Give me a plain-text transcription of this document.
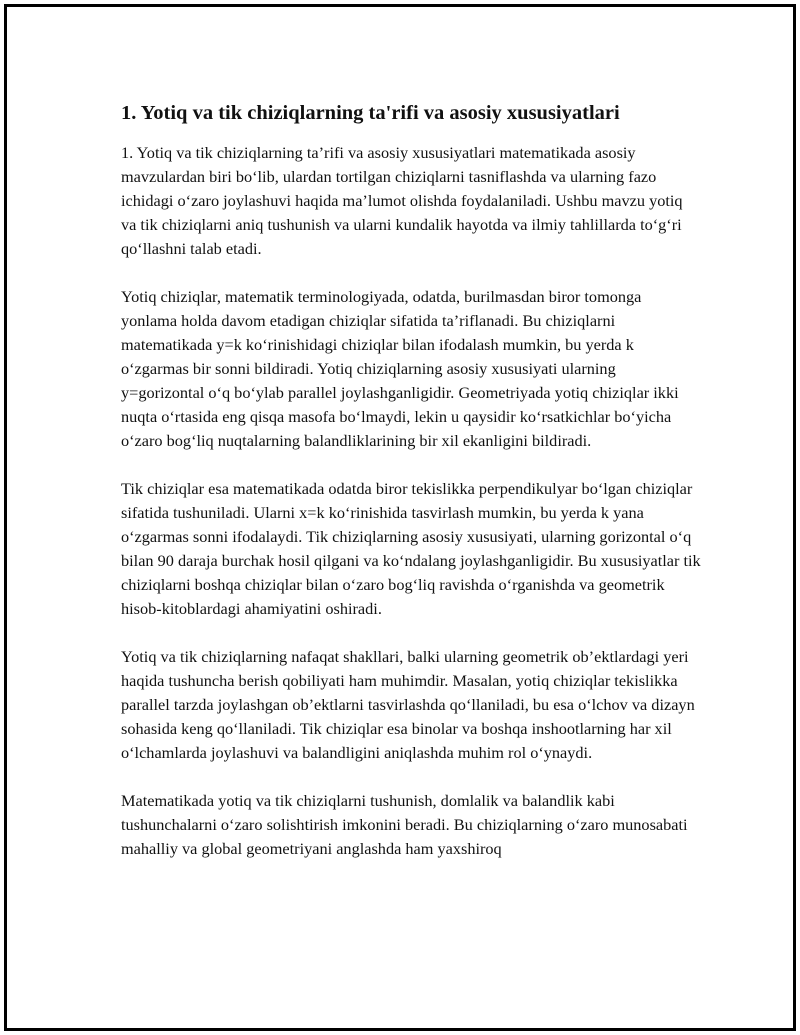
1. Yotiq va tik chiziqlarning ta'rifi va asosiy xususiyatlari

1. Yotiq va tik chiziqlarning ta’rifi va asosiy xususiyatlari matematikada asosiy mavzulardan biri bo‘lib, ulardan tortilgan chiziqlarni tasniflashda va ularning fazo ichidagi o‘zaro joylashuvi haqida ma’lumot olishda foydalaniladi. Ushbu mavzu yotiq va tik chiziqlarni aniq tushunish va ularni kundalik hayotda va ilmiy tahlillarda to‘g‘ri qo‘llashni talab etadi.

Yotiq chiziqlar, matematik terminologiyada, odatda, burilmasdan biror tomonga yonlama holda davom etadigan chiziqlar sifatida ta’riflanadi. Bu chiziqlarni matematikada y=k ko‘rinishidagi chiziqlar bilan ifodalash mumkin, bu yerda k o‘zgarmas bir sonni bildiradi. Yotiq chiziqlarning asosiy xususiyati ularning y=gorizontal o‘q bo‘ylab parallel joylashganligidir. Geometriyada yotiq chiziqlar ikki nuqta o‘rtasida eng qisqa masofa bo‘lmaydi, lekin u qaysidir ko‘rsatkichlar bo‘yicha o‘zaro bog‘liq nuqtalarning balandliklarining bir xil ekanligini bildiradi.

Tik chiziqlar esa matematikada odatda biror tekislikka perpendikulyar bo‘lgan chiziqlar sifatida tushuniladi. Ularni x=k ko‘rinishida tasvirlash mumkin, bu yerda k yana o‘zgarmas sonni ifodalaydi. Tik chiziqlarning asosiy xususiyati, ularning gorizontal o‘q bilan 90 daraja burchak hosil qilgani va ko‘ndalang joylashganligidir. Bu xususiyatlar tik chiziqlarni boshqa chiziqlar bilan o‘zaro bog‘liq ravishda o‘rganishda va geometrik hisob-kitoblardagi ahamiyatini oshiradi.

Yotiq va tik chiziqlarning nafaqat shakllari, balki ularning geometrik ob’ektlardagi yeri haqida tushuncha berish qobiliyati ham muhimdir. Masalan, yotiq chiziqlar tekislikka parallel tarzda joylashgan ob’ektlarni tasvirlashda qo‘llaniladi, bu esa o‘lchov va dizayn sohasida keng qo‘llaniladi. Tik chiziqlar esa binolar va boshqa inshootlarning har xil o‘lchamlarda joylashuvi va balandligini aniqlashda muhim rol o‘ynaydi.

Matematikada yotiq va tik chiziqlarni tushunish, domlalik va balandlik kabi tushunchalarni o‘zaro solishtirish imkonini beradi. Bu chiziqlarning o‘zaro munosabati mahalliy va global geometriyani anglashda ham yaxshiroq
